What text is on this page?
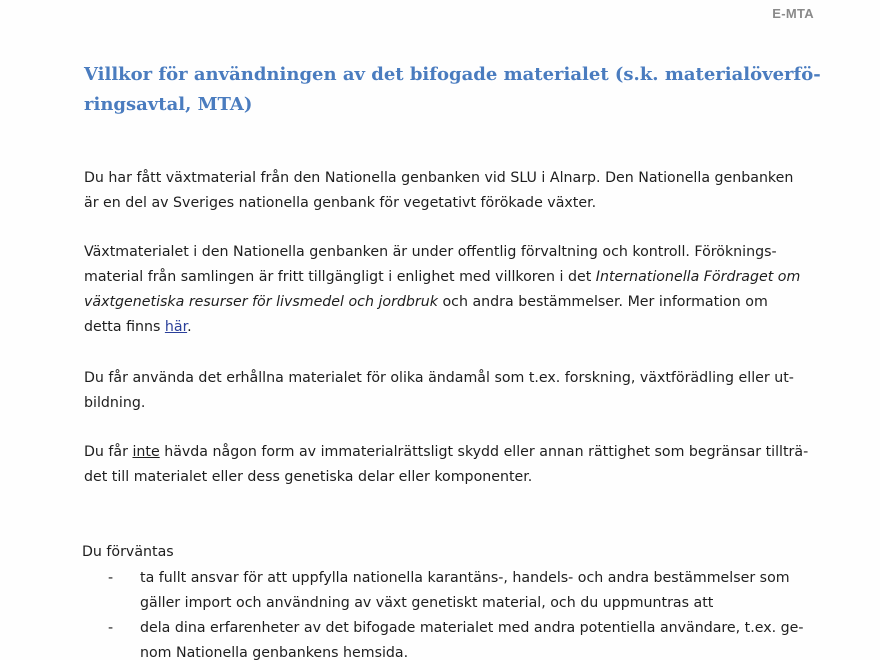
E-MTA
Villkor för användningen av det bifogade materialet (s.k. materialöverfö-
ringsavtal, MTA)

Du har fått växtmaterial från den Nationella genbanken vid SLU i Alnarp. Den Nationella genbanken
är en del av Sveriges nationella genbank för vegetativt förökade växter.

Växtmaterialet i den Nationella genbanken är under offentlig förvaltning och kontroll. Föröknings-
material från samlingen är fritt tillgängligt i enlighet med villkoren i det Internationella Fördraget om
växtgenetiska resurser för livsmedel och jordbruk och andra bestämmelser. Mer information om
detta finns här.

Du får använda det erhållna materialet för olika ändamål som t.ex. forskning, växtförädling eller ut-
bildning.

Du får inte hävda någon form av immaterialrättsligt skydd eller annan rättighet som begränsar tillträ-
det till materialet eller dess genetiska delar eller komponenter.

Du förväntas

- ta fullt ansvar för att uppfylla nationella karantäns-, handels- och andra bestämmelser som
gäller import och användning av växt genetiskt material, och du uppmuntras att
- dela dina erfarenheter av det bifogade materialet med andra potentiella användare, t.ex. ge-
nom Nationella genbankens hemsida.
